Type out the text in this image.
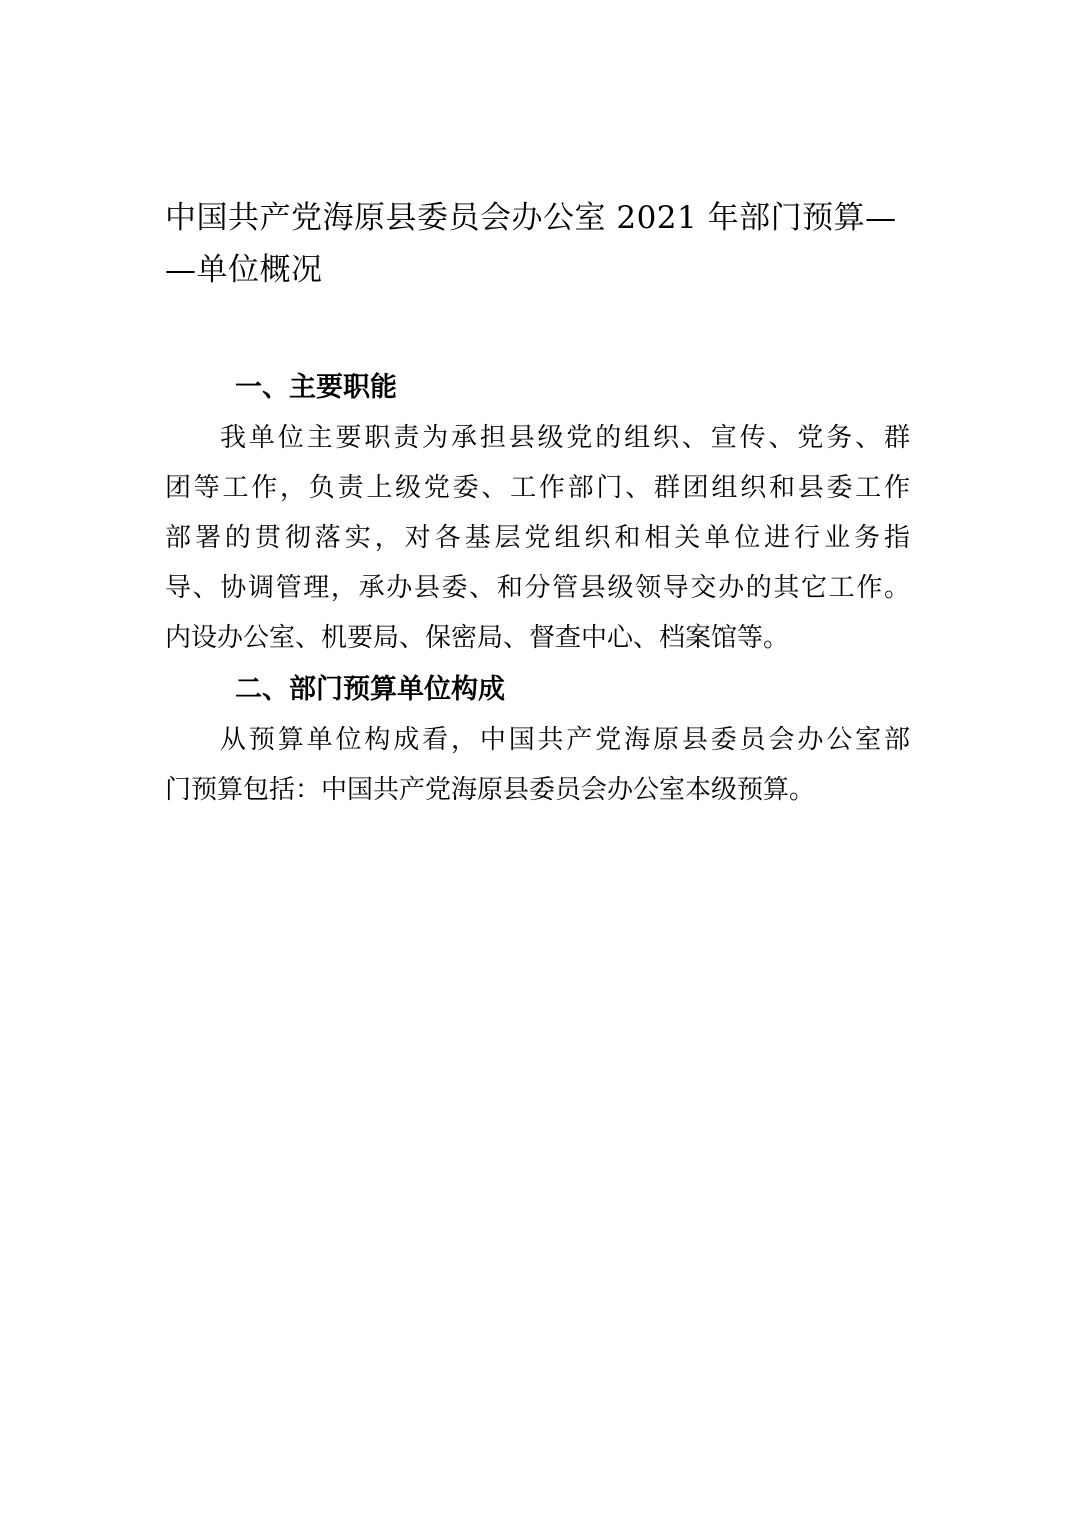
中国共产党海原县委员会办公室 2021 年部门预算—
—单位概况
一、主要职能
我单位主要职责为承担县级党的组织、宣传、党务、群
团等工作，负责上级党委、工作部门、群团组织和县委工作
部署的贯彻落实，对各基层党组织和相关单位进行业务指
导、协调管理，承办县委、和分管县级领导交办的其它工作。
内设办公室、机要局、保密局、督查中心、档案馆等。
二、部门预算单位构成
从预算单位构成看，中国共产党海原县委员会办公室部
门预算包括：中国共产党海原县委员会办公室本级预算。
